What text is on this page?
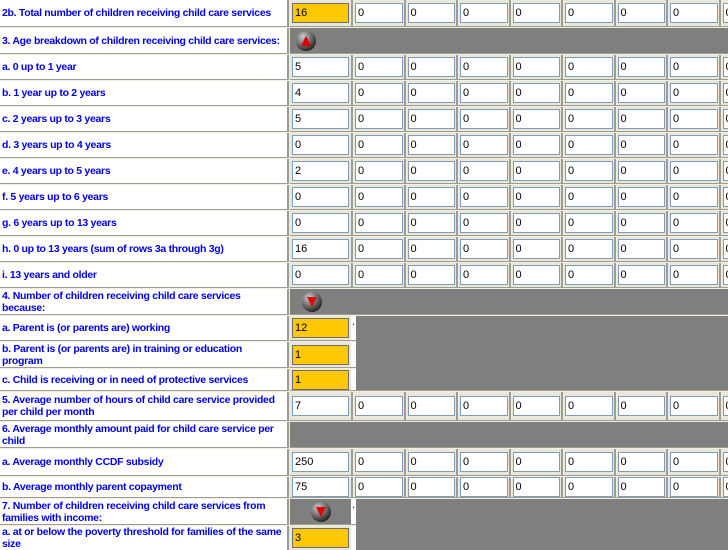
2b. Total number of children receiving child care services
16
0
0
0
0
0
0
0
0
3. Age breakdown of children receiving child care services:
a. 0 up to 1 year
5
0
0
0
0
0
0
0
0
b. 1 year up to 2 years
4
0
0
0
0
0
0
0
0
c. 2 years up to 3 years
5
0
0
0
0
0
0
0
0
d. 3 years up to 4 years
0
0
0
0
0
0
0
0
0
e. 4 years up to 5 years
2
0
0
0
0
0
0
0
0
f. 5 years up to 6 years
0
0
0
0
0
0
0
0
0
g. 6 years up to 13 years
0
0
0
0
0
0
0
0
0
h. 0 up to 13 years (sum of rows 3a through 3g)
16
0
0
0
0
0
0
0
0
i. 13 years and older
0
0
0
0
0
0
0
0
0
4. Number of children receiving child care services because:
a. Parent is (or parents are) working
12	.
b. Parent is (or parents are) in training or education program
1
c. Child is receiving or in need of protective services
1
5. Average number of hours of child care service provided per child per month
7
0
0
0
0
0
0
0
0
6. Average monthly amount paid for child care service per child
a. Average monthly CCDF subsidy
250
0
0
0
0
0
0
0
0
b. Average monthly parent copayment
75
0
0
0
0
0
0
0
0
7. Number of children receiving child care services from families with income:
.
a. at or below the poverty threshold for families of the same size
3
